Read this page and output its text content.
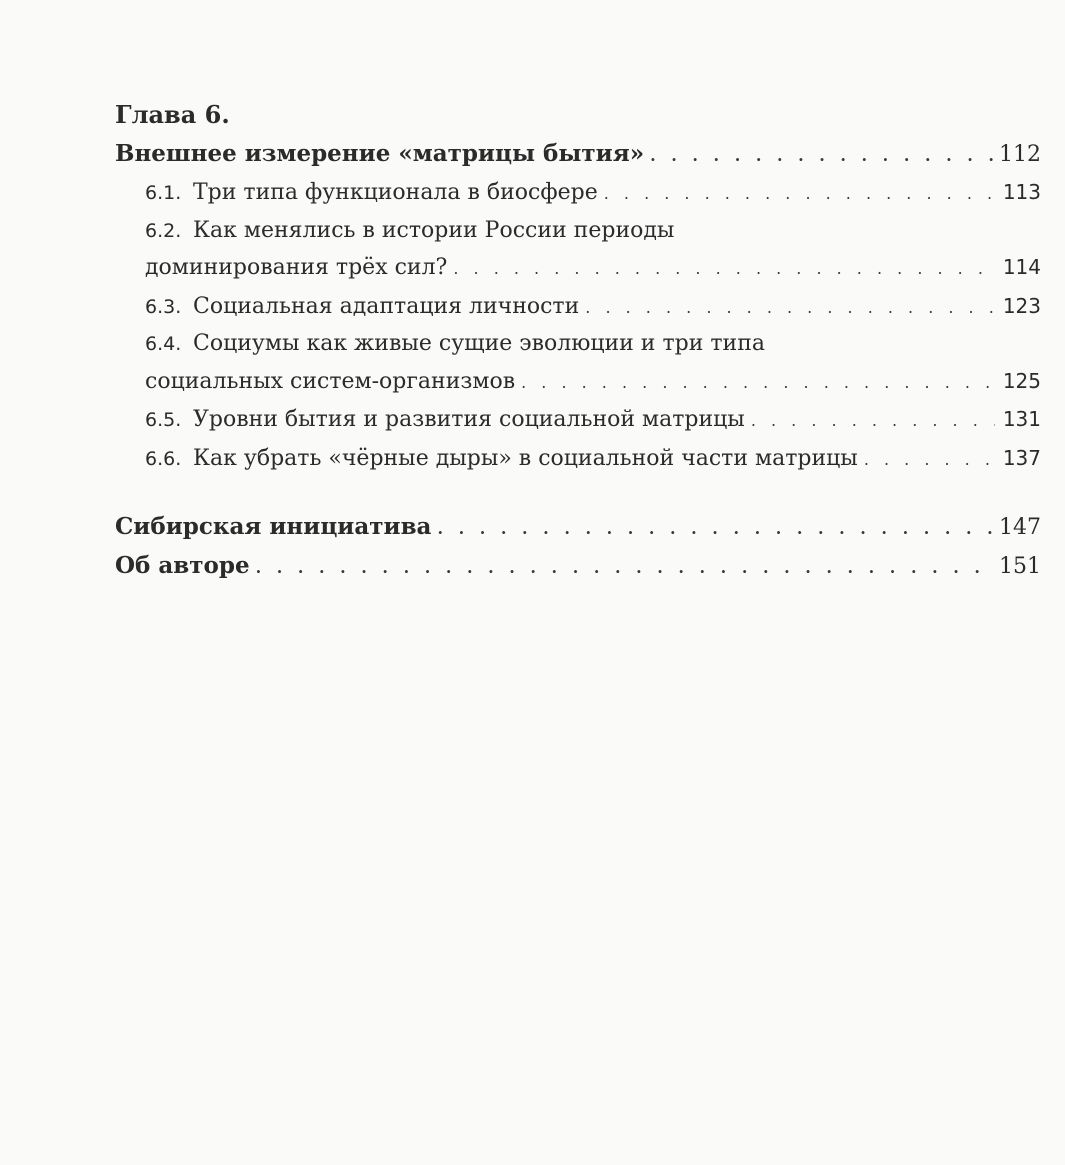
Глава 6.
Внешнее измерение «матрицы бытия» . . .	112
6.1. Три типа функционала в биосфере . . .	113
6.2. Как менялись в истории России периоды
доминирования трёх сил? . . .	114
6.3. Социальная адаптация личности . . .	123
6.4. Социумы как живые сущие эволюции и три типа
социальных систем-организмов . . .	125
6.5. Уровни бытия и развития социальной матрицы . . .	131
6.6. Как убрать «чёрные дыры» в социальной части матрицы . . .	137
Сибирская инициатива . . .	147
Об авторе . . .	151
